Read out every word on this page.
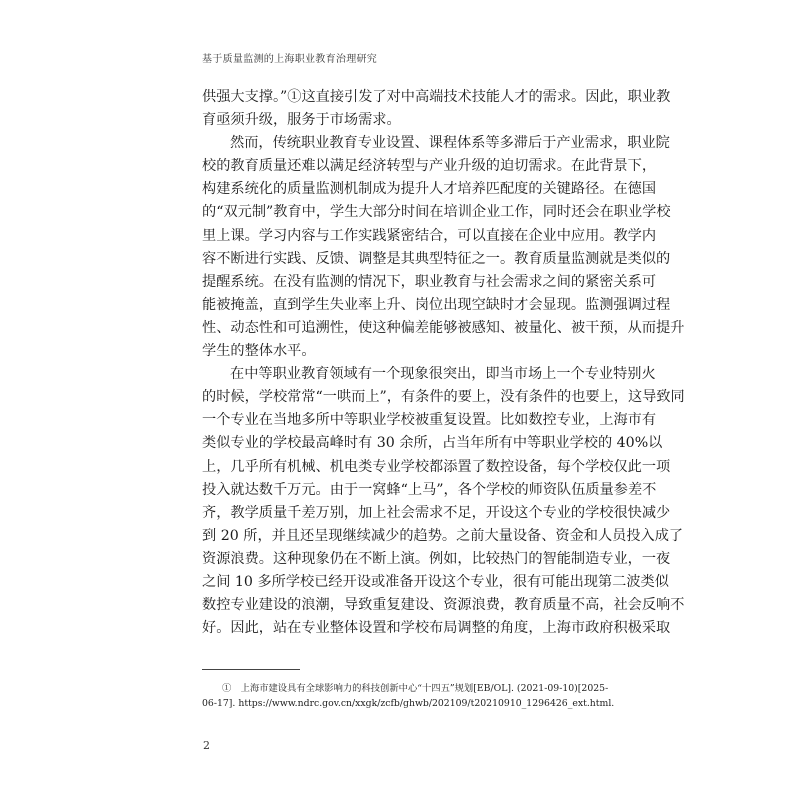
基于质量监测的上海职业教育治理研究
供强大支撑。”①这直接引发了对中高端技术技能人才的需求。因此，职业教
育亟须升级，服务于市场需求。
然而，传统职业教育专业设置、课程体系等多滞后于产业需求，职业院
校的教育质量还难以满足经济转型与产业升级的迫切需求。在此背景下，
构建系统化的质量监测机制成为提升人才培养匹配度的关键路径。在德国
的“双元制”教育中，学生大部分时间在培训企业工作，同时还会在职业学校
里上课。学习内容与工作实践紧密结合，可以直接在企业中应用。教学内
容不断进行实践、反馈、调整是其典型特征之一。教育质量监测就是类似的
提醒系统。在没有监测的情况下，职业教育与社会需求之间的紧密关系可
能被掩盖，直到学生失业率上升、岗位出现空缺时才会显现。监测强调过程
性、动态性和可追溯性，使这种偏差能够被感知、被量化、被干预，从而提升
学生的整体水平。
在中等职业教育领域有一个现象很突出，即当市场上一个专业特别火
的时候，学校常常“一哄而上”，有条件的要上，没有条件的也要上，这导致同
一个专业在当地多所中等职业学校被重复设置。比如数控专业，上海市有
类似专业的学校最高峰时有 30 余所，占当年所有中等职业学校的 40%以
上，几乎所有机械、机电类专业学校都添置了数控设备，每个学校仅此一项
投入就达数千万元。由于一窝蜂“上马”，各个学校的师资队伍质量参差不
齐，教学质量千差万别，加上社会需求不足，开设这个专业的学校很快减少
到 20 所，并且还呈现继续减少的趋势。之前大量设备、资金和人员投入成了
资源浪费。这种现象仍在不断上演。例如，比较热门的智能制造专业，一夜
之间 10 多所学校已经开设或准备开设这个专业，很有可能出现第二波类似
数控专业建设的浪潮，导致重复建设、资源浪费，教育质量不高，社会反响不
好。因此，站在专业整体设置和学校布局调整的角度，上海市政府积极采取
①　上海市建设具有全球影响力的科技创新中心“十四五”规划[EB/OL]. (2021-09-10)[2025-
06-17]. https://www.ndrc.gov.cn/xxgk/zcfb/ghwb/202109/t20210910_1296426_ext.html.
2
